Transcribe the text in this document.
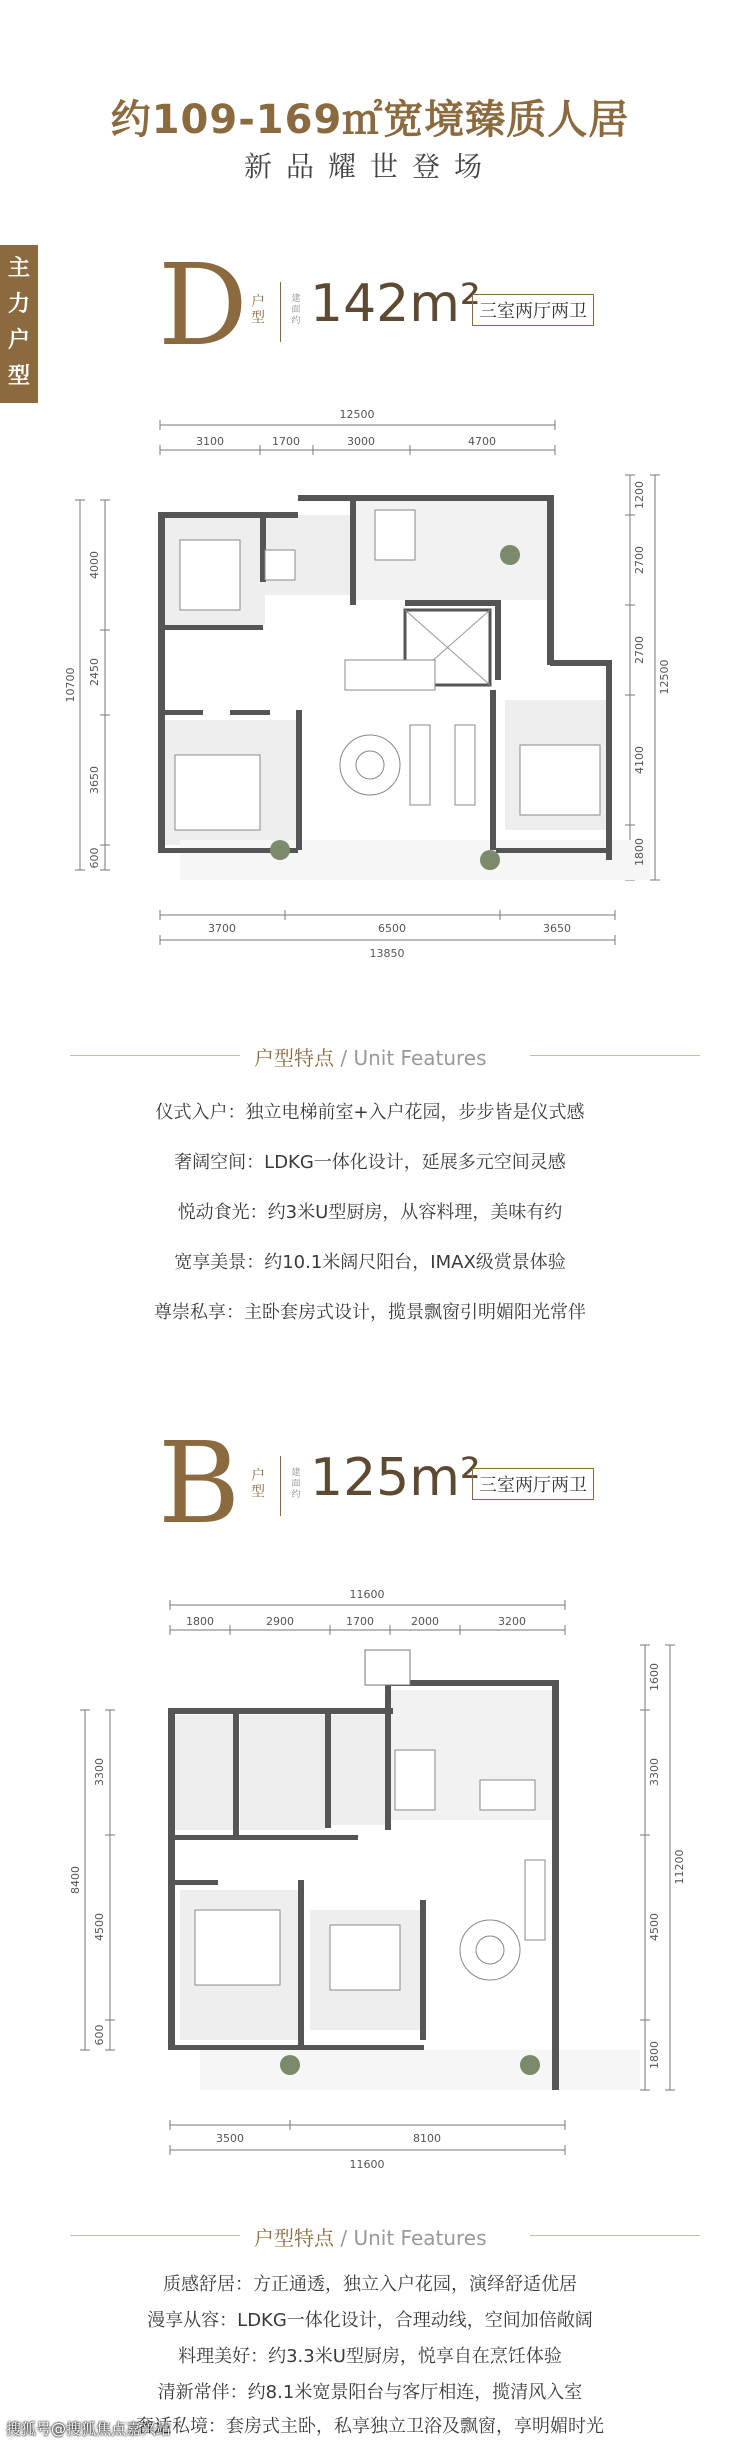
约109-169㎡宽境臻质人居
新品耀世登场
主
力
户
型
D 户
型
建
面
约 142m²
三室两厅两卫
12500
3100	1700	3000	4700
3700	6500	3650
13850
10700
4000
2450
3650
600
12500
1200
2700
2700
4100
1800
户型特点 / Unit Features
仪式入户：独立电梯前室+入户花园，步步皆是仪式感
奢阔空间：LDKG一体化设计，延展多元空间灵感
悦动食光：约3米U型厨房，从容料理，美味有约
宽享美景：约10.1米阔尺阳台，IMAX级赏景体验
尊崇私享：主卧套房式设计，揽景飘窗引明媚阳光常伴
B 户
型
建
面
约 125m²
三室两厅两卫
11600
1800	2900	1700	2000	3200
3500	8100
11600
8400
3300
4500
600
11200
1600
3300
4500
1800
户型特点 / Unit Features
质感舒居：方正通透，独立入户花园，演绎舒适优居
漫享从容：LDKG一体化设计，合理动线，空间加倍敞阔
料理美好：约3.3米U型厨房，悦享自在烹饪体验
清新常伴：约8.1米宽景阳台与客厅相连，揽清风入室
奢适私境：套房式主卧，私享独立卫浴及飘窗，享明媚时光
搜狐号@搜狐焦点嘉兴站
